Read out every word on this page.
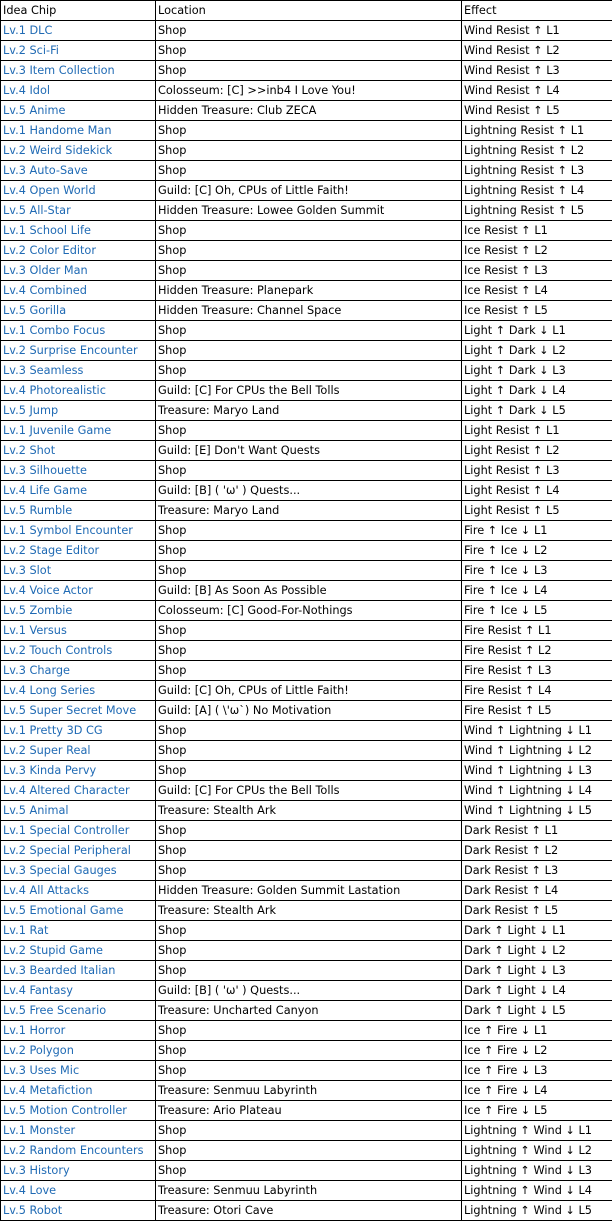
Idea Chip	Location	Effect
Lv.1 DLC	Shop	Wind Resist ↑ L1
Lv.2 Sci-Fi	Shop	Wind Resist ↑ L2
Lv.3 Item Collection	Shop	Wind Resist ↑ L3
Lv.4 Idol	Colosseum: [C] >>inb4 I Love You!	Wind Resist ↑ L4
Lv.5 Anime	Hidden Treasure: Club ZECA	Wind Resist ↑ L5
Lv.1 Handome Man	Shop	Lightning Resist ↑ L1
Lv.2 Weird Sidekick	Shop	Lightning Resist ↑ L2
Lv.3 Auto-Save	Shop	Lightning Resist ↑ L3
Lv.4 Open World	Guild: [C] Oh, CPUs of Little Faith!	Lightning Resist ↑ L4
Lv.5 All-Star	Hidden Treasure: Lowee Golden Summit	Lightning Resist ↑ L5
Lv.1 School Life	Shop	Ice Resist ↑ L1
Lv.2 Color Editor	Shop	Ice Resist ↑ L2
Lv.3 Older Man	Shop	Ice Resist ↑ L3
Lv.4 Combined	Hidden Treasure: Planepark	Ice Resist ↑ L4
Lv.5 Gorilla	Hidden Treasure: Channel Space	Ice Resist ↑ L5
Lv.1 Combo Focus	Shop	Light ↑ Dark ↓ L1
Lv.2 Surprise Encounter	Shop	Light ↑ Dark ↓ L2
Lv.3 Seamless	Shop	Light ↑ Dark ↓ L3
Lv.4 Photorealistic	Guild: [C] For CPUs the Bell Tolls	Light ↑ Dark ↓ L4
Lv.5 Jump	Treasure: Maryo Land	Light ↑ Dark ↓ L5
Lv.1 Juvenile Game	Shop	Light Resist ↑ L1
Lv.2 Shot	Guild: [E] Don't Want Quests	Light Resist ↑ L2
Lv.3 Silhouette	Shop	Light Resist ↑ L3
Lv.4 Life Game	Guild: [B] ( 'ω' ) Quests...	Light Resist ↑ L4
Lv.5 Rumble	Treasure: Maryo Land	Light Resist ↑ L5
Lv.1 Symbol Encounter	Shop	Fire ↑ Ice ↓ L1
Lv.2 Stage Editor	Shop	Fire ↑ Ice ↓ L2
Lv.3 Slot	Shop	Fire ↑ Ice ↓ L3
Lv.4 Voice Actor	Guild: [B] As Soon As Possible	Fire ↑ Ice ↓ L4
Lv.5 Zombie	Colosseum: [C] Good-For-Nothings	Fire ↑ Ice ↓ L5
Lv.1 Versus	Shop	Fire Resist ↑ L1
Lv.2 Touch Controls	Shop	Fire Resist ↑ L2
Lv.3 Charge	Shop	Fire Resist ↑ L3
Lv.4 Long Series	Guild: [C] Oh, CPUs of Little Faith!	Fire Resist ↑ L4
Lv.5 Super Secret Move	Guild: [A] ( \'ω`) No Motivation	Fire Resist ↑ L5
Lv.1 Pretty 3D CG	Shop	Wind ↑ Lightning ↓ L1
Lv.2 Super Real	Shop	Wind ↑ Lightning ↓ L2
Lv.3 Kinda Pervy	Shop	Wind ↑ Lightning ↓ L3
Lv.4 Altered Character	Guild: [C] For CPUs the Bell Tolls	Wind ↑ Lightning ↓ L4
Lv.5 Animal	Treasure: Stealth Ark	Wind ↑ Lightning ↓ L5
Lv.1 Special Controller	Shop	Dark Resist ↑ L1
Lv.2 Special Peripheral	Shop	Dark Resist ↑ L2
Lv.3 Special Gauges	Shop	Dark Resist ↑ L3
Lv.4 All Attacks	Hidden Treasure: Golden Summit Lastation	Dark Resist ↑ L4
Lv.5 Emotional Game	Treasure: Stealth Ark	Dark Resist ↑ L5
Lv.1 Rat	Shop	Dark ↑ Light ↓ L1
Lv.2 Stupid Game	Shop	Dark ↑ Light ↓ L2
Lv.3 Bearded Italian	Shop	Dark ↑ Light ↓ L3
Lv.4 Fantasy	Guild: [B] ( 'ω' ) Quests...	Dark ↑ Light ↓ L4
Lv.5 Free Scenario	Treasure: Uncharted Canyon	Dark ↑ Light ↓ L5
Lv.1 Horror	Shop	Ice ↑ Fire ↓ L1
Lv.2 Polygon	Shop	Ice ↑ Fire ↓ L2
Lv.3 Uses Mic	Shop	Ice ↑ Fire ↓ L3
Lv.4 Metafiction	Treasure: Senmuu Labyrinth	Ice ↑ Fire ↓ L4
Lv.5 Motion Controller	Treasure: Ario Plateau	Ice ↑ Fire ↓ L5
Lv.1 Monster	Shop	Lightning ↑ Wind ↓ L1
Lv.2 Random Encounters	Shop	Lightning ↑ Wind ↓ L2
Lv.3 History	Shop	Lightning ↑ Wind ↓ L3
Lv.4 Love	Treasure: Senmuu Labyrinth	Lightning ↑ Wind ↓ L4
Lv.5 Robot	Treasure: Otori Cave	Lightning ↑ Wind ↓ L5
